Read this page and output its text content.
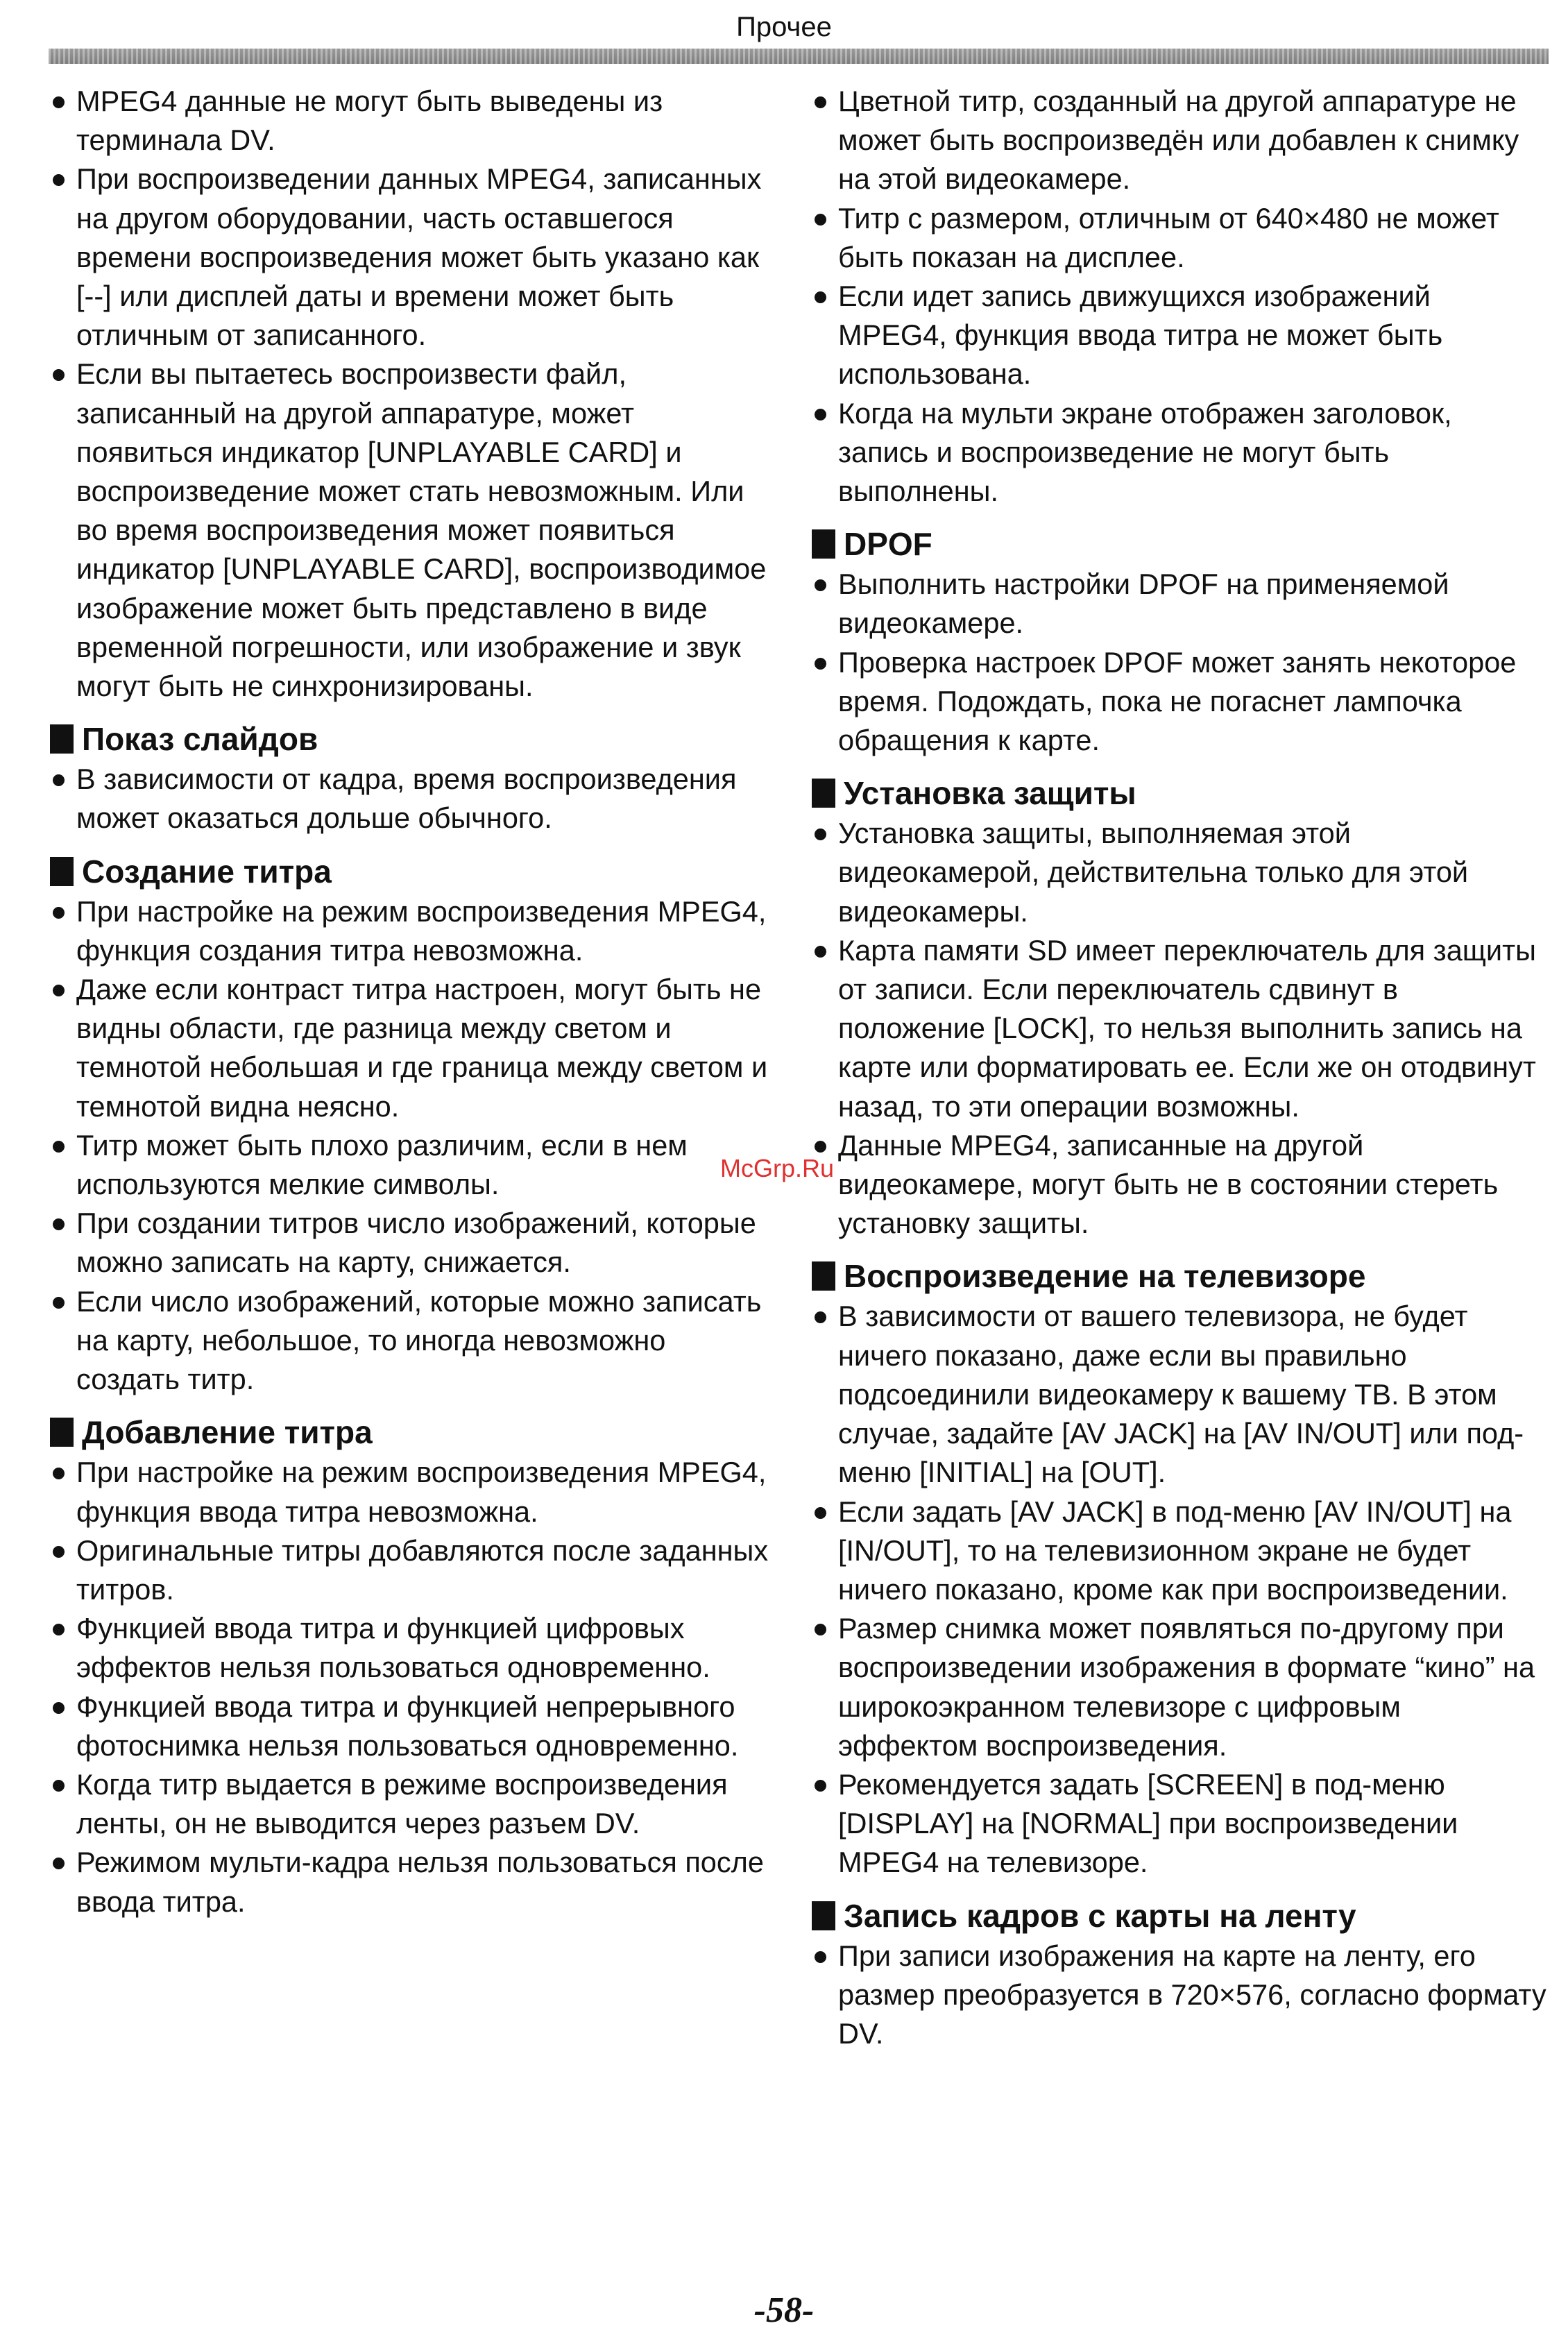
Прочее
MPEG4 данные не могут быть выведены из терминала DV.
При воспроизведении данных MPEG4, записанных на другом оборудовании, часть оставшегося времени воспроизведения может быть указано как [--] или дисплей даты и времени может быть отличным от записанного.
Если вы пытаетесь воспроизвести файл, записанный на другой аппаратуре, может появиться индикатор [UNPLAYABLE CARD] и воспроизведение может стать невозможным. Или во время воспроизведения может появиться индикатор [UNPLAYABLE CARD], воспроизводимое изображение может быть представлено в виде временной погрешности, или изображение и звук могут быть не синхронизированы.
Показ слайдов
В зависимости от кадра, время воспроизведения может оказаться дольше обычного.
Создание титра
При настройке на режим воспроизведения MPEG4, функция создания титра невозможна.
Даже если контраст титра настроен, могут быть не видны области, где разница между светом и темнотой небольшая и где граница между светом и темнотой видна неясно.
Титр может быть плохо различим, если в нем используются мелкие символы.
При создании титров число изображений, которые можно записать на карту, снижается.
Если число изображений, которые можно записать на карту, небольшое, то иногда невозможно создать титр.
Добавление титра
При настройке на режим воспроизведения MPEG4, функция ввода титра невозможна.
Оригинальные титры добавляются после заданных титров.
Функцией ввода титра и функцией цифровых эффектов нельзя пользоваться одновременно.
Функцией ввода титра и функцией непрерывного фотоснимка нельзя пользоваться одновременно.
Когда титр выдается в режиме воспроизведения ленты, он не выводится через разъем DV.
Режимом мульти-кадра нельзя пользоваться после ввода титра.
Цветной титр, созданный на другой аппаратуре не может быть воспроизведён или добавлен к снимку на этой видеокамере.
Титр с размером, отличным от 640×480 не может быть показан на дисплее.
Если идет запись движущихся изображений MPEG4, функция ввода титра не может быть использована.
Когда на мульти экране отображен заголовок, запись и воспроизведение не могут быть выполнены.
DPOF
Выполнить настройки DPOF на применяемой видеокамере.
Проверка настроек DPOF может занять некоторое время. Подождать, пока не погаснет лампочка обращения к карте.
Установка защиты
Установка защиты, выполняемая этой видеокамерой, действительна только для этой видеокамеры.
Карта памяти SD имеет переключатель для защиты от записи. Если переключатель сдвинут в положение [LOCK], то нельзя выполнить запись на карте или форматировать ее. Если же он отодвинут назад, то эти операции возможны.
Данные MPEG4, записанные на другой видеокамере, могут быть не в состоянии стереть установку защиты.
Воспроизведение на телевизоре
В зависимости от вашего телевизора, не будет ничего показано, даже если вы правильно подсоединили видеокамеру к вашему ТВ. В этом случае, задайте [AV JACK] на [AV IN/OUT] или под-меню [INITIAL] на [OUT].
Если задать [AV JACK] в под-меню [AV IN/OUT] на [IN/OUT], то на телевизионном экране не будет ничего показано, кроме как при воспроизведении.
Размер снимка может появляться по-другому при воспроизведении изображения в формате “кино” на широкоэкранном телевизоре с цифровым эффектом воспроизведения.
Рекомендуется задать [SCREEN] в под-меню [DISPLAY] на [NORMAL] при воспроизведении MPEG4 на телевизоре.
Запись кадров с карты на ленту
При записи изображения на карте на ленту, его размер преобразуется в 720×576, согласно формату DV.
McGrp.Ru
-58-
